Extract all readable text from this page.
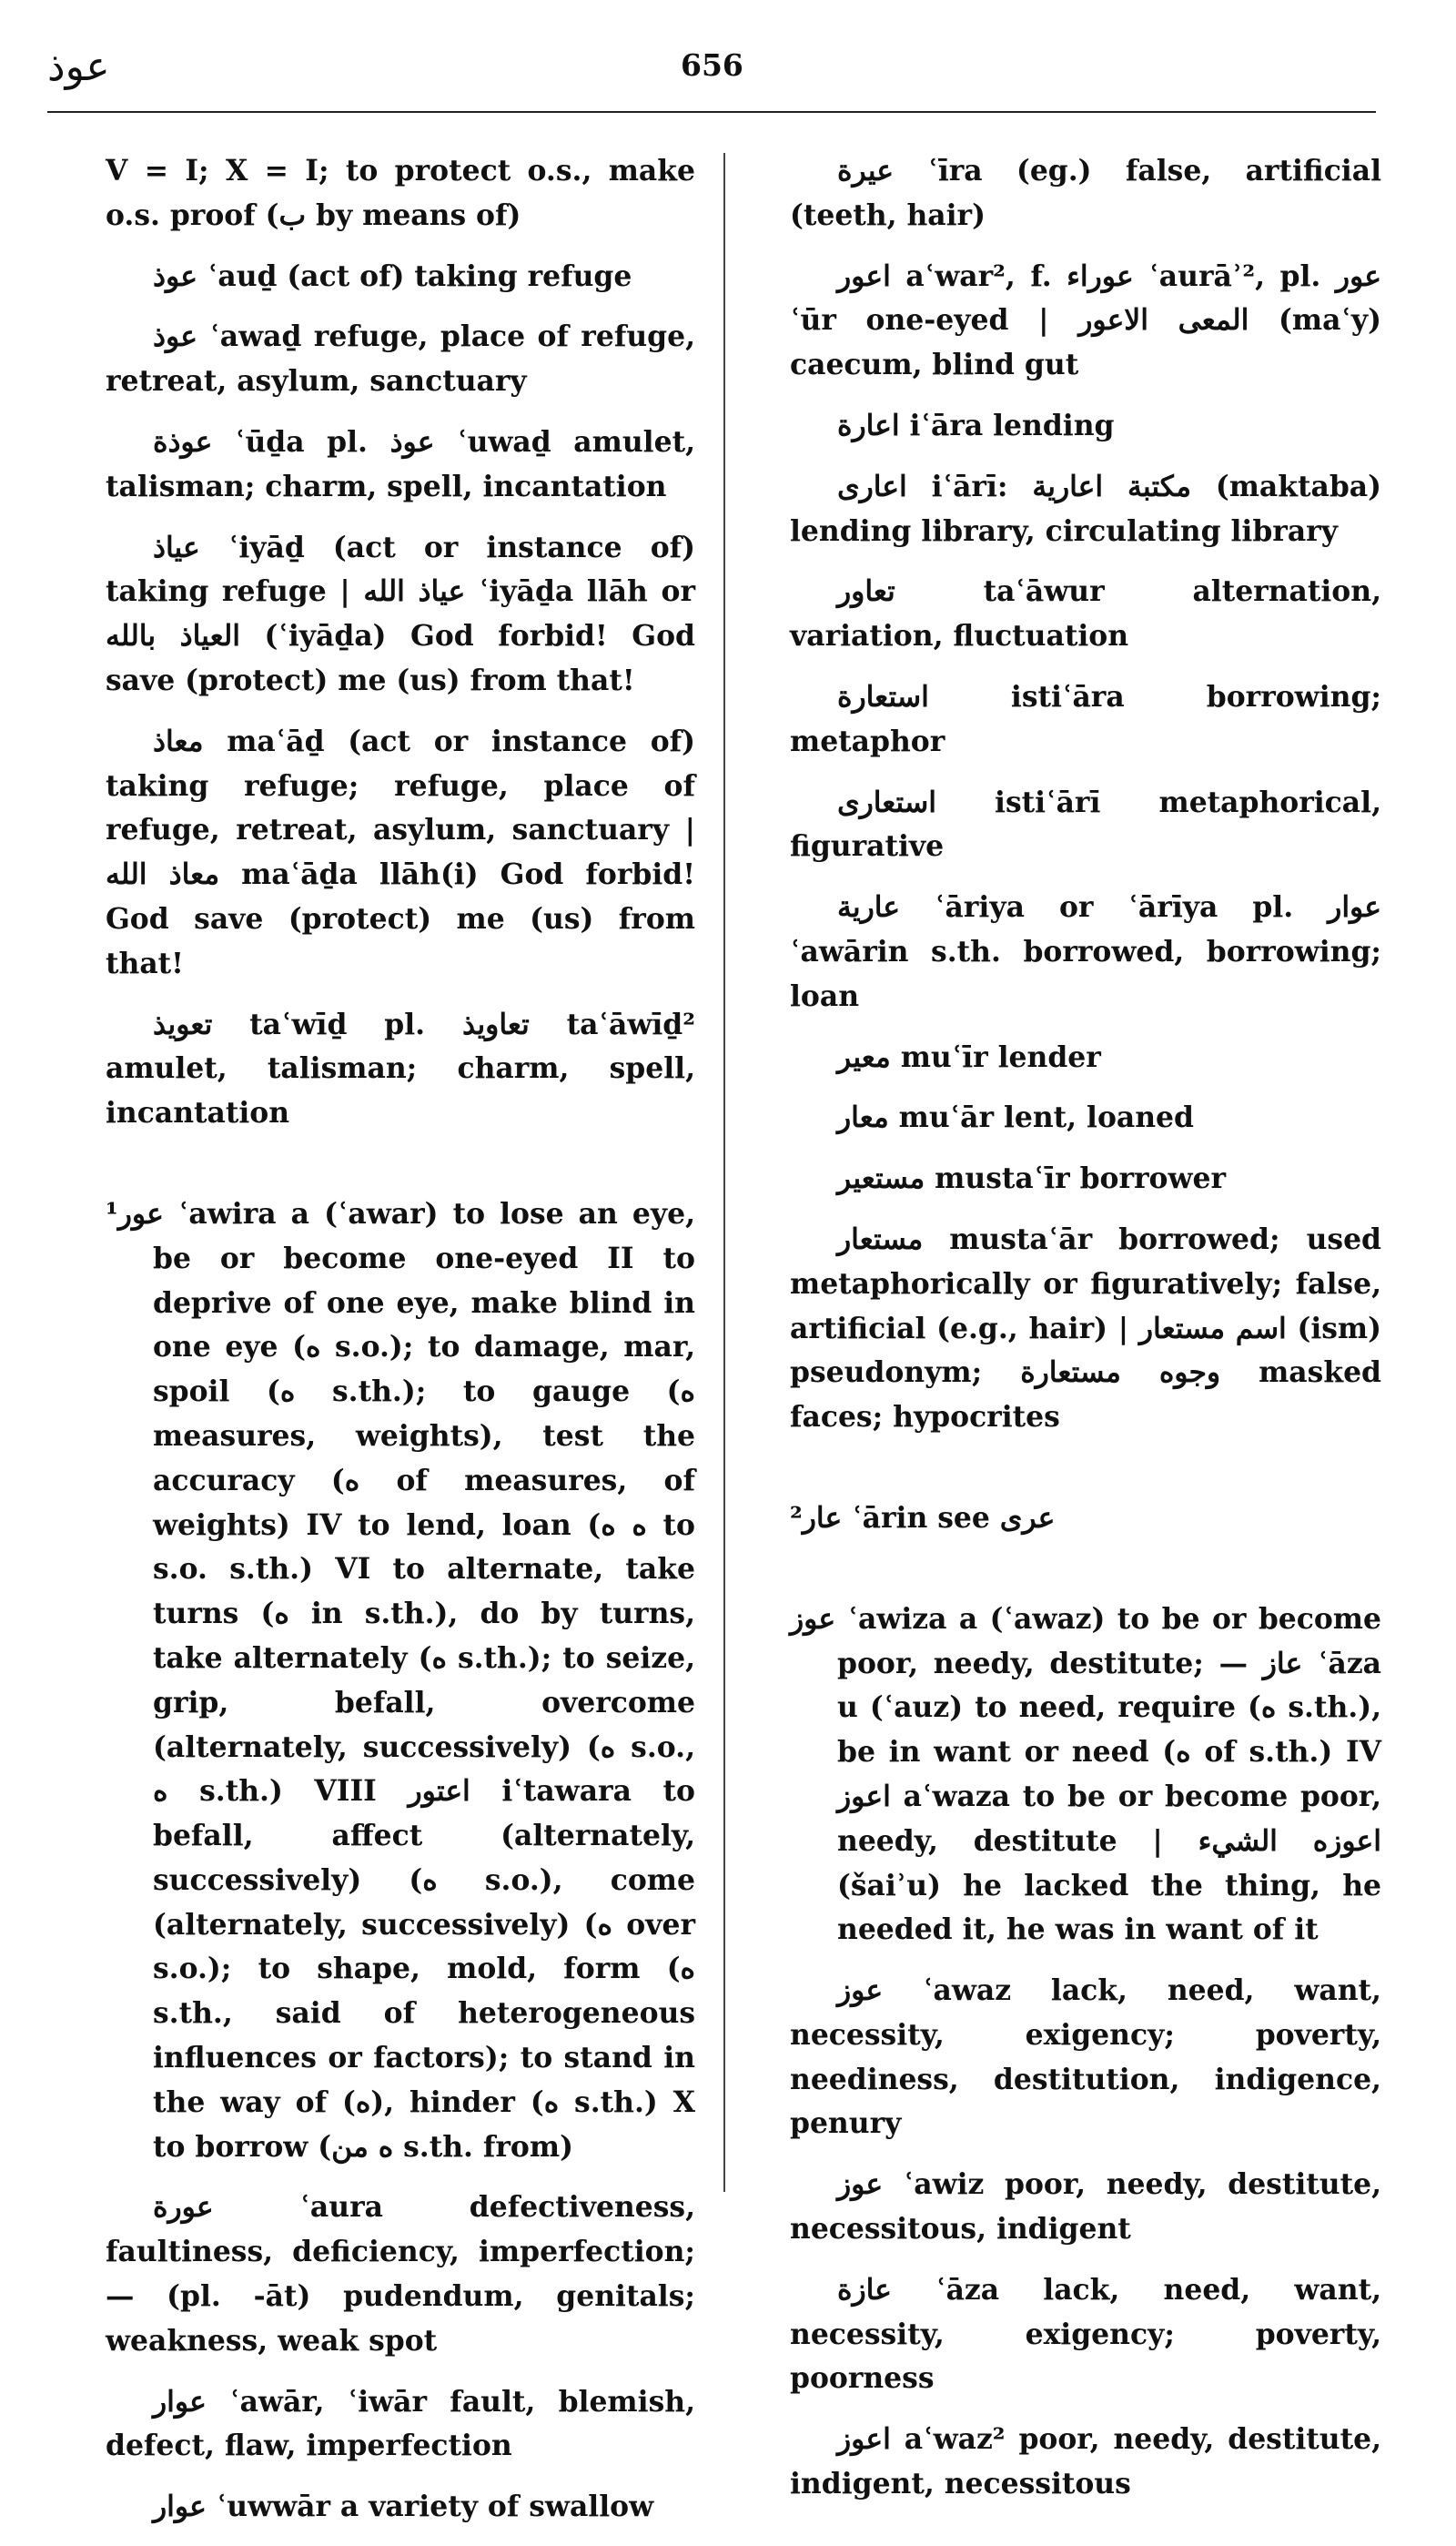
عوذ	656
V = I; X = I; to protect o.s., make o.s. proof (ب by means of)
عوذ ʿauḏ (act of) taking refuge
عوذ ʿawaḏ refuge, place of refuge, retreat, asylum, sanctuary
عوذة ʿūḏa pl. عوذ ʿuwaḏ amulet, talisman; charm, spell, incantation
عياذ ʿiyāḏ (act or instance of) taking refuge | عياذ الله ʿiyāḏa llāh or العياذ بالله (ʿiyāḏa) God forbid! God save (protect) me (us) from that!
معاذ maʿāḏ (act or instance of) taking refuge; refuge, place of refuge, retreat, asylum, sanctuary | معاذ الله maʿāḏa llāh(i) God forbid! God save (protect) me (us) from that!
تعويذ taʿwīḏ pl. تعاويذ taʿāwīḏ² amulet, talisman; charm, spell, incantation
¹عور ʿawira a (ʿawar) to lose an eye, be or become one-eyed II to deprive of one eye, make blind in one eye (ه s.o.); to damage, mar, spoil (ه s.th.); to gauge (ه measures, weights), test the accuracy (ه of measures, of weights) IV to lend, loan (ه ه to s.o. s.th.) VI to alternate, take turns (ه in s.th.), do by turns, take alternately (ه s.th.); to seize, grip, befall, overcome (alternately, successively) (ه s.o., ه s.th.) VIII اعتور iʿtawara to befall, affect (alternately, successively) (ه s.o.), come (alternately, successively) (ه over s.o.); to shape, mold, form (ه s.th., said of heterogeneous influences or factors); to stand in the way of (ه), hinder (ه s.th.) X to borrow (ه من s.th. from)
عورة ʿaura defectiveness, faultiness, deficiency, imperfection; — (pl. -āt) pudendum, genitals; weakness, weak spot
عوار ʿawār, ʿiwār fault, blemish, defect, flaw, imperfection
عوار ʿuwwār a variety of swallow
عيرة ʿīra (eg.) false, artificial (teeth, hair)
اعور aʿwar², f. عوراء ʿaurāʾ², pl. عور ʿūr one-eyed | المعى الاعور (maʿy) caecum, blind gut
اعارة iʿāra lending
اعارى iʿārī: مكتبة اعارية (maktaba) lending library, circulating library
تعاور taʿāwur alternation, variation, fluctuation
استعارة istiʿāra borrowing; metaphor
استعارى istiʿārī metaphorical, figurative
عارية ʿāriya or ʿārīya pl. عوار ʿawārin s.th. borrowed, borrowing; loan
معير muʿīr lender
معار muʿār lent, loaned
مستعير mustaʿīr borrower
مستعار mustaʿār borrowed; used metaphorically or figuratively; false, artificial (e.g., hair) | اسم مستعار (ism) pseudonym; وجوه مستعارة masked faces; hypocrites
²عار ʿārin see عرى
عوز ʿawiza a (ʿawaz) to be or become poor, needy, destitute; — عاز ʿāza u (ʿauz) to need, require (ه s.th.), be in want or need (ه of s.th.) IV اعوز aʿwaza to be or become poor, needy, destitute | اعوزه الشيء (šaiʾu) he lacked the thing, he needed it, he was in want of it
عوز ʿawaz lack, need, want, necessity, exigency; poverty, neediness, destitution, indigence, penury
عوز ʿawiz poor, needy, destitute, necessitous, indigent
عازة ʿāza lack, need, want, necessity, exigency; poverty, poorness
اعوز aʿwaz² poor, needy, destitute, indigent, necessitous
